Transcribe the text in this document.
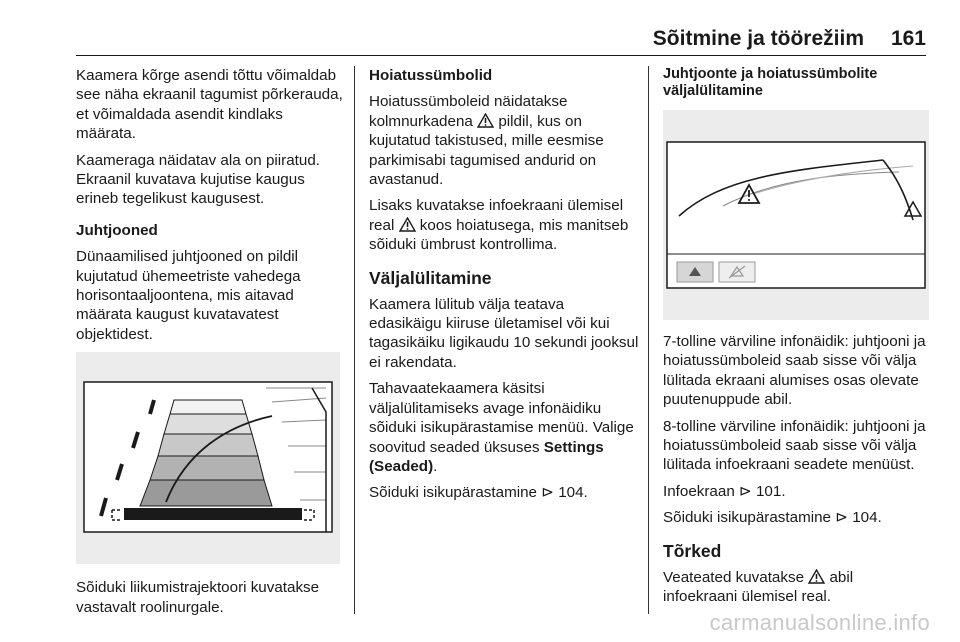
Sõitmine ja töörežiim 161

Kaamera kõrge asendi tõttu võimaldab see näha ekraanil tagumist põrkerauda, et võimaldada asendit kindlaks määrata.

Kaameraga näidatav ala on piiratud. Ekraanil kuvatava kujutise kaugus erineb tegelikust kaugusest.

Juhtjooned

Dünaamilised juhtjooned on pildil kujutatud ühemeetriste vahedega horisontaaljoontena, mis aitavad määrata kaugust kuvatavatest objektidest.

Sõiduki liikumistrajektoori kuvatakse vastavalt roolinurgale.

Hoiatussümbolid

Hoiatussümboleid näidatakse kolmnurkadena pildil, kus on kujutatud takistused, mille eesmise parkimisabi tagumised andurid on avastanud.

Lisaks kuvatakse infoekraani ülemisel real koos hoiatusega, mis manitseb sõiduki ümbrust kontrollima.

Väljalülitamine

Kaamera lülitub välja teatava edasikäigu kiiruse ületamisel või kui tagasikäiku ligikaudu 10 sekundi jooksul ei rakendata.

Tahavaatekaamera käsitsi väljalülitamiseks avage infonäidiku sõiduki isikupärastamise menüü. Valige soovitud seaded üksuses Settings (Seaded).

Sõiduki isikupärastamine ⊳ 104.

Juhtjoonte ja hoiatussümbolite väljalülitamine

7-tolline värviline infonäidik: juhtjooni ja hoiatussümboleid saab sisse või välja lülitada ekraani alumises osas olevate puutenuppude abil.

8-tolline värviline infonäidik: juhtjooni ja hoiatussümboleid saab sisse või välja lülitada infoekraani seadete menüüst.

Infoekraan ⊳ 101.

Sõiduki isikupärastamine ⊳ 104.

Tõrked

Veateated kuvatakse abil infoekraani ülemisel real.

carmanualsonline.info
